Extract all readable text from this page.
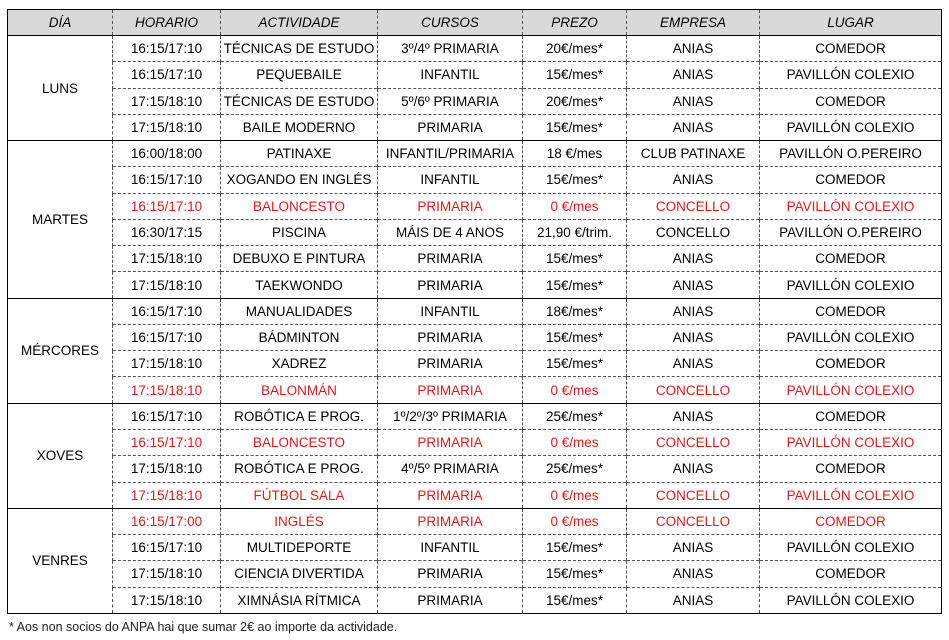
DÍA	HORARIO	ACTIVIDADE	CURSOS	PREZO	EMPRESA	LUGAR
LUNS	16:15/17:10	TÉCNICAS DE ESTUDO	3º/4º PRIMARIA	20€/mes*	ANIAS	COMEDOR
	16:15/17:10	PEQUEBAILE	INFANTIL	15€/mes*	ANIAS	PAVILLÓN COLEXIO
	17:15/18:10	TÉCNICAS DE ESTUDO	5º/6º PRIMARIA	20€/mes*	ANIAS	COMEDOR
	17:15/18:10	BAILE MODERNO	PRIMARIA	15€/mes*	ANIAS	PAVILLÓN COLEXIO
MARTES	16:00/18:00	PATINAXE	INFANTIL/PRIMARIA	18 €/mes	CLUB PATINAXE	PAVILLÓN O.PEREIRO
	16:15/17:10	XOGANDO EN INGLÉS	INFANTIL	15€/mes*	ANIAS	COMEDOR
	16:15/17:10	BALONCESTO	PRIMARIA	0 €/mes	CONCELLO	PAVILLÓN COLEXIO
	16:30/17:15	PISCINA	MÁIS DE 4 ANOS	21,90 €/trim.	CONCELLO	PAVILLÓN O.PEREIRO
	17:15/18:10	DEBUXO E PINTURA	PRIMARIA	15€/mes*	ANIAS	COMEDOR
	17:15/18:10	TAEKWONDO	PRIMARIA	15€/mes*	ANIAS	PAVILLÓN COLEXIO
MÉRCORES	16:15/17:10	MANUALIDADES	INFANTIL	18€/mes*	ANIAS	COMEDOR
	16:15/17:10	BÁDMINTON	PRIMARIA	15€/mes*	ANIAS	PAVILLÓN COLEXIO
	17:15/18:10	XADREZ	PRIMARIA	15€/mes*	ANIAS	COMEDOR
	17:15/18:10	BALONMÁN	PRIMARIA	0 €/mes	CONCELLO	PAVILLÓN COLEXIO
XOVES	16:15/17:10	ROBÓTICA E PROG.	1º/2º/3º PRIMARIA	25€/mes*	ANIAS	COMEDOR
	16:15/17:10	BALONCESTO	PRIMARIA	0 €/mes	CONCELLO	PAVILLÓN COLEXIO
	17:15/18:10	ROBÓTICA E PROG.	4º/5º PRIMARIA	25€/mes*	ANIAS	COMEDOR
	17:15/18:10	FÚTBOL SALA	PRIMARIA	0 €/mes	CONCELLO	PAVILLÓN COLEXIO
VENRES	16:15/17:00	INGLÉS	PRIMARIA	0 €/mes	CONCELLO	COMEDOR
	16:15/17:10	MULTIDEPORTE	INFANTIL	15€/mes*	ANIAS	PAVILLÓN COLEXIO
	17:15/18:10	CIENCIA DIVERTIDA	PRIMARIA	15€/mes*	ANIAS	COMEDOR
	17:15/18:10	XIMNÁSIA RÍTMICA	PRIMARIA	15€/mes*	ANIAS	PAVILLÓN COLEXIO
* Aos non socios do ANPA hai que sumar 2€ ao importe da actividade.
